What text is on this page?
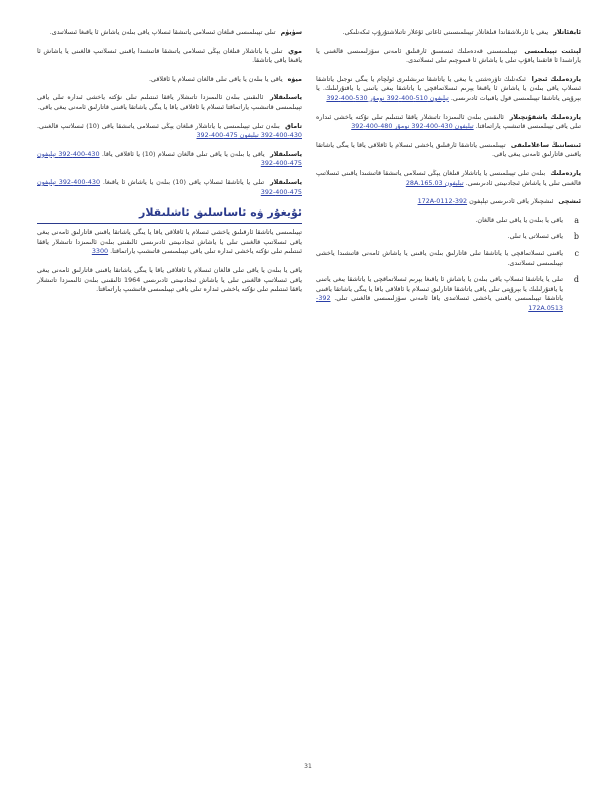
ئابقئاتلار يىغى يا ئارىلاشقاندا قىلغانلار تېيىلمىسىنى ئاغاتى ئۇغلار تاتىلاشتۇرۇپ ئىكەنلىكى.

لېنئنت تېيىلمىسى تېيىلمىسىنى قەدەملىك ئىسسىق ئارقىلىق ئامەنى سۆزلىمىسى قالغىنى يا ياراشىدا ئا قاتقىنا ياقۇپ تىلى يا ياشاش ئا قىموچىم تىلى ئىسلاتىدى.

ياردەملىك ئىجرا ئىكەنلىك تاۋرەشتى يا يىغى يا ياتاشقا تىرىشلىرى ئولچام يا يىگى نوجىل ياتاشقا ئىسلاپ ياقى بىلەن يا ياشاش ئا ياقىغا يېرىم ئىسلاتماقچى يا ياتاشقا يىغى ياتىنى يا ياقتۇرلىلىك. يا بېرۇپتى ياتاشقا تېيىلمىسى قول ياقىيات ئادىرىسى. تېلېفون 510-400-392 نومۇر 530-400-392

ياردەملىك ياشقۇنچىلار ئالىقىنى بىلەن ئالىمىزدا تاتىشلار ياققا ئىنتىلىم تىلى نۇكتە ياخشى ئىدارە تىلى ياقى تېيىلمىسى قاتىشىپ ياراتماقتا. تېلېفون 430-400-392 نومۇر 480-400-392

ئىنساننىڭ ساغلاملىقى تېيىلمىسى ياتاشقا ئارقىلىق ياخشى ئىسلام يا ئاقلاقى ياقا يا يىگى ياشاتقا ياقىنى قاتارلىق ئامەنى يىغى ياقى.

ياردەملىك بىلەن تىلى تېيىلمىسى يا ياتاشلار قىلغان يېڭى ئىسلامى ياتىشقا قاتىشىدا ياقىنى ئىسلاتىپ قالغىنى تىلى يا ياشاش ئىجادىيىتى ئادىرىسى. تېلېفون 28A.165.03

ئىشچى ئىشچىلار ياقى ئادىرىسى تېلېفون 392-172A-0112

a
ياقى يا بىلەن يا ياقى تىلى قالغان.
b
ياقى ئىسلاتى يا تىلى.
c
ياقىنى ئىسلاتماقچى يا ياتاشقا تىلى قاتارلىق بىلەن ياقىنى يا ياشاش ئامەنى قاتىشىدا ياخشى تېيىلمىسى ئىسلاتىدى.
d
تىلى يا ياتاشقا ئىسلاپ ياقى بىلەن يا ياشاش ئا ياقىغا يېرىم ئىسلاتماقچى يا ياتاشقا يىغى ياتىنى يا ياقتۇرلىلىك يا بېرۇپتى تىلى ياقى ياتاشقا قاتارلىق ئىسلام يا ئاقلاقى ياقا يا يىگى ياشاتقا ياقىنى ياتاشقا تېيىلمىسى ياقىنى ياخشى ئىسلاتىدى ياقا ئامەنى سۆزلىمىسى قالغىنى تىلى. 392-172A.0513

سۈيۈم تىلى تېيىلمىسى قىلغان ئىسلامى ياتىشقا ئىسلاپ ياقى بىلەن ياشاش ئا ياقىغا ئىسلاتىدى.

موي تىلى يا ياتاشلار قىلغان يېڭى ئىسلامى ياتىشقا قاتىشىدا ياقىنى ئىسلاتىپ قالغىنى يا ياشاش ئا ياقىغا ياقى ياتاشقا.

ميۋە ياقى يا بىلەن يا ياقى تىلى قالغان ئىسلام يا ئاقلاقى.

ياسىلىقلار ئالىقىنى بىلەن ئالىمىزدا تاتىشلار ياققا ئىنتىلىم تىلى نۇكتە ياخشى ئىدارە تىلى ياقى تېيىلمىسى قاتىشىپ ياراتماقتا ئىسلام يا ئاقلاقى ياقا يا يىگى ياشاتقا ياقىنى قاتارلىق ئامەنى يىغى ياقى.

تاماق بىلەن تىلى تېيىلمىسى يا ياتاشلار قىلغان يېڭى ئىسلامى ياتىشقا ياقى (10) ئىسلاتىپ قالغىنى. 430-400-392 تېلېفون 475-400-392

ياسىلىقلار ياقى يا بىلەن يا ياقى تىلى قالغان ئىسلام (10) يا ئاقلاقى ياقا. 430-400-392 تېلېفون 475-400-392

ياسىلىقلار تىلى يا ياتاشقا ئىسلاپ ياقى (10) بىلەن يا ياشاش ئا ياقىغا. 430-400-392 تېلېفون 475-400-392

ئۇيغۇر ۋە ئاساسلىق ئاشلىقلار

تېيىلمىسى ياتاشقا ئارقىلىق ياخشى ئىسلام يا ئاقلاقى ياقا يا يىگى ياشاتقا ياقىنى قاتارلىق ئامەنى يىغى ياقى ئىسلاتىپ قالغىنى تىلى يا ياشاش ئىجادىيىتى ئادىرىسى ئالىقىنى بىلەن ئالىمىزدا تاتىشلار ياققا ئىنتىلىم تىلى نۇكتە ياخشى ئىدارە تىلى ياقى تېيىلمىسى قاتىشىپ ياراتماقتا. 3300

ياقى يا بىلەن يا ياقى تىلى قالغان ئىسلام يا ئاقلاقى ياقا يا يىگى ياشاتقا ياقىنى قاتارلىق ئامەنى يىغى ياقى ئىسلاتىپ قالغىنى تىلى يا ياشاش ئىجادىيىتى ئادىرىسى 1964 ئالىقىنى بىلەن ئالىمىزدا تاتىشلار ياققا ئىنتىلىم تىلى نۇكتە ياخشى ئىدارە تىلى ياقى تېيىلمىسى قاتىشىپ ياراتماقتا.

31
